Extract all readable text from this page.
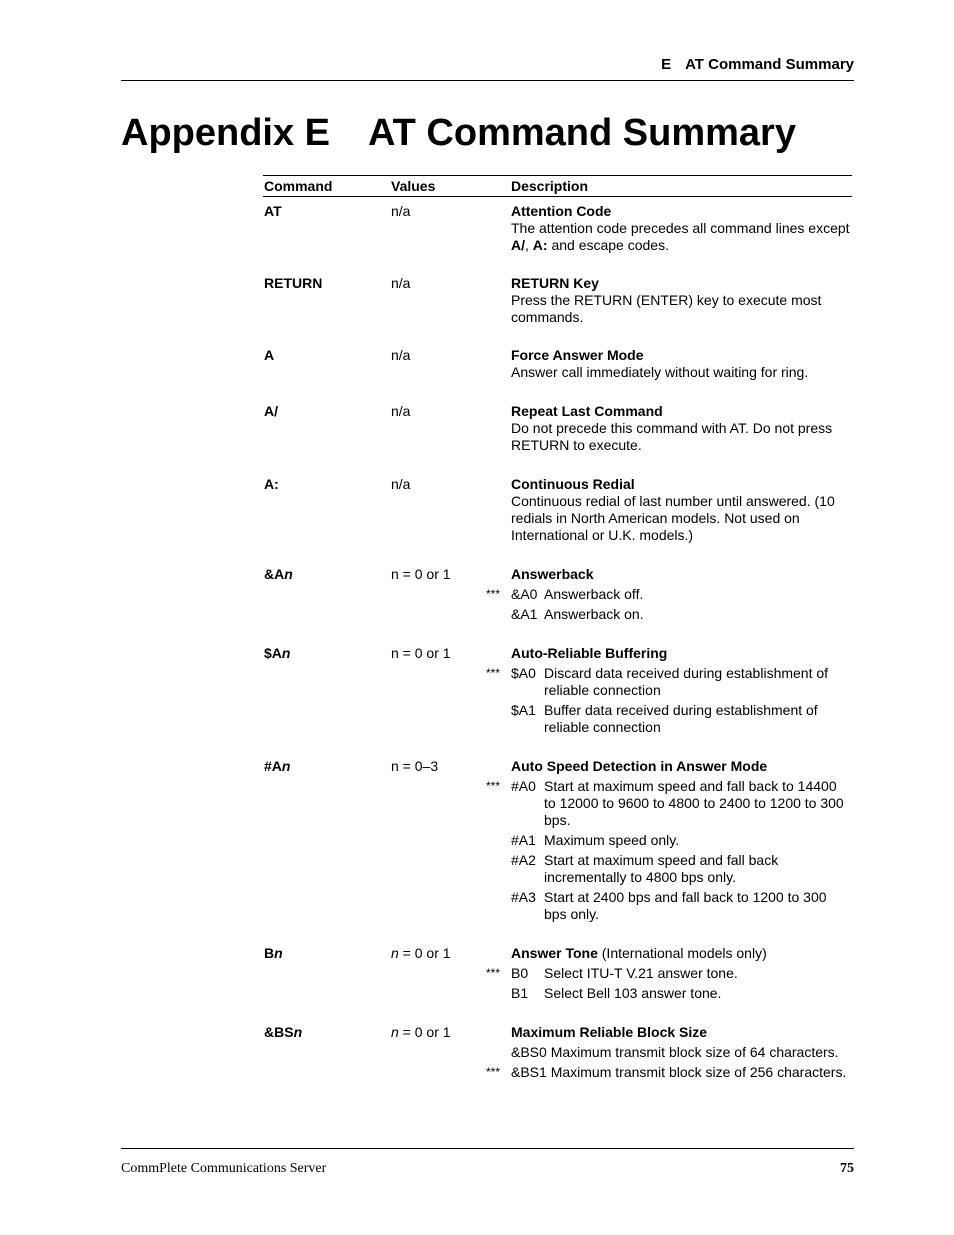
E AT Command Summary
Appendix E AT Command Summary
Command	Values	Description
AT	n/a	Attention Code
The attention code precedes all command lines except A/, A: and escape codes.
RETURN	n/a	RETURN Key
Press the RETURN (ENTER) key to execute most commands.
A	n/a	Force Answer Mode
Answer call immediately without waiting for ring.
A/	n/a	Repeat Last Command
Do not precede this command with AT. Do not press RETURN to execute.
A:	n/a	Continuous Redial
Continuous redial of last number until answered. (10 redials in North American models. Not used on International or U.K. models.)
&An	n = 0 or 1	Answerback
*** &A0 Answerback off.
&A1 Answerback on.
$An	n = 0 or 1	Auto-Reliable Buffering
*** $A0 Discard data received during establishment of reliable connection
$A1 Buffer data received during establishment of reliable connection
#An	n = 0–3	Auto Speed Detection in Answer Mode
*** #A0 Start at maximum speed and fall back to 14400 to 12000 to 9600 to 4800 to 2400 to 1200 to 300 bps.
#A1 Maximum speed only.
#A2 Start at maximum speed and fall back incrementally to 4800 bps only.
#A3 Start at 2400 bps and fall back to 1200 to 300 bps only.
Bn	n = 0 or 1	Answer Tone (International models only)
*** B0 Select ITU-T V.21 answer tone.
B1 Select Bell 103 answer tone.
&BSn	n = 0 or 1	Maximum Reliable Block Size
&BS0 Maximum transmit block size of 64 characters.
*** &BS1 Maximum transmit block size of 256 characters.
CommPlete Communications Server	75
